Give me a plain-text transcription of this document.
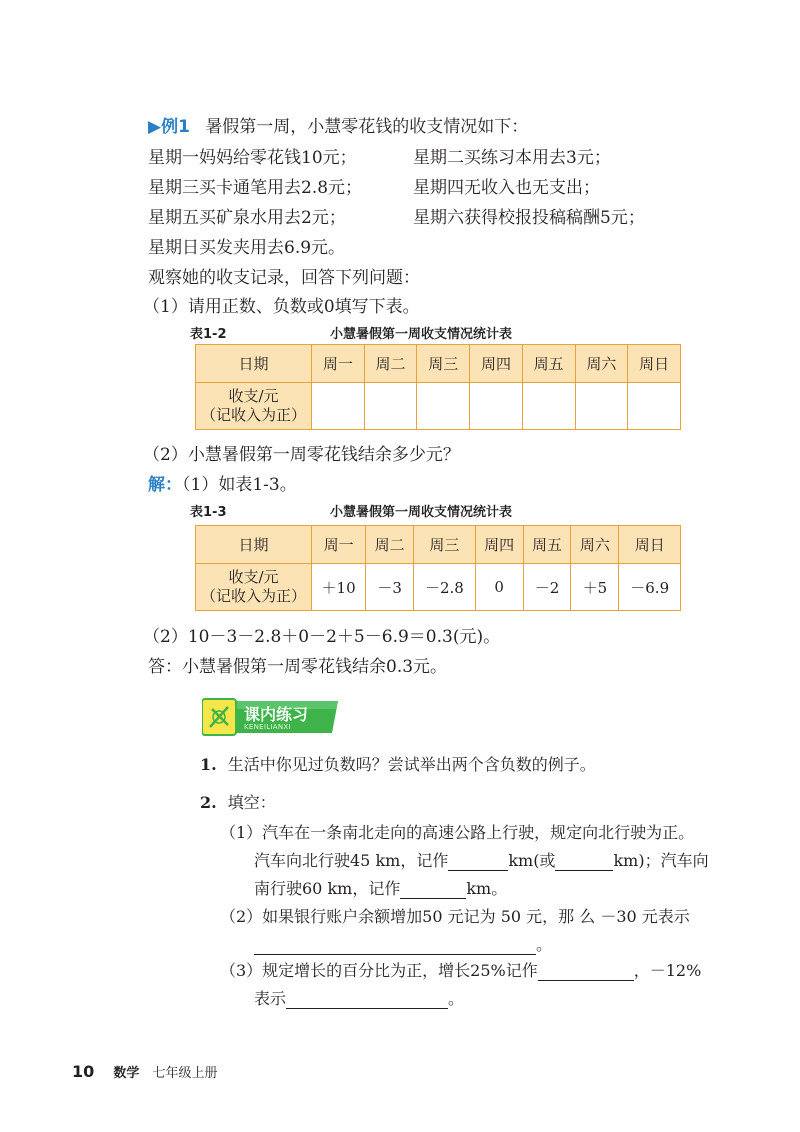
▶例1 暑假第一周，小慧零花钱的收支情况如下：
星期一妈妈给零花钱10元；	星期二买练习本用去3元；
星期三买卡通笔用去2.8元；	星期四无收入也无支出；
星期五买矿泉水用去2元；	星期六获得校报投稿稿酬5元；
星期日买发夹用去6.9元。
观察她的收支记录，回答下列问题：
（1）请用正数、负数或0填写下表。
表1-2	小慧暑假第一周收支情况统计表
日期	周一	周二	周三	周四	周五	周六	周日

收支/元
（记收入为正）							

（2）小慧暑假第一周零花钱结余多少元？
解：（1）如表1-3。
表1-3	小慧暑假第一周收支情况统计表
日期	周一	周二	周三	周四	周五	周六	周日

收支/元
（记收入为正）	＋10	－3	－2.8	0	－2	＋5	－6.9
（2）10－3－2.8＋0－2＋5－6.9＝0.3(元)。
答：小慧暑假第一周零花钱结余0.3元。
课内练习
KENEILIANXI
1. 生活中你见过负数吗？尝试举出两个含负数的例子。
2. 填空：
（1）汽车在一条南北走向的高速公路上行驶，规定向北行驶为正。
汽车向北行驶45 km，记作	km(或	km)；汽车向
南行驶60 km，记作	km。
（2）如果银行账户余额增加50 元记为 50 元，那 么 －30 元表示
。
（3）规定增长的百分比为正，增长25%记作	，－12%
表示	。
10 数学 七年级上册
